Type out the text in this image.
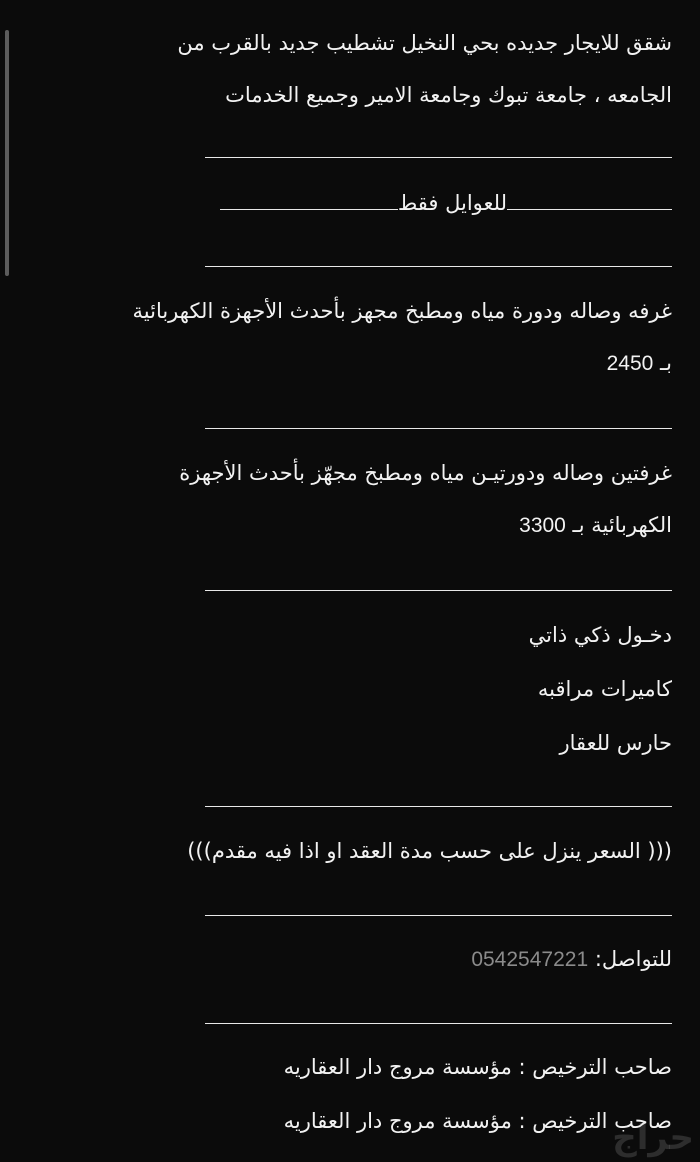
شقق للايجار جديده بحي النخيل تشطيب جديد بالقرب من
الجامعه ، جامعة تبوك وجامعة الامير وجميع الخدمات
للعوايل فقط
غرفه وصاله ودورة مياه ومطبخ مجهز بأحدث الأجهزة الكهربائية
بـ 2450
غرفتين وصاله ودورتيـن مياه ومطبخ مجهّز بأحدث الأجهزة
الكهربائية بـ 3300
دخـول ذكي ذاتي
كاميرات مراقبه
حارس للعقار
((( السعر ينزل على حسب مدة العقد او اذا فيه مقدم)))
للتواصل: 0542547221
صاحب الترخيص : مؤسسة مروج دار العقاريه
صاحب الترخيص : مؤسسة مروج دار العقاريه
حراج
